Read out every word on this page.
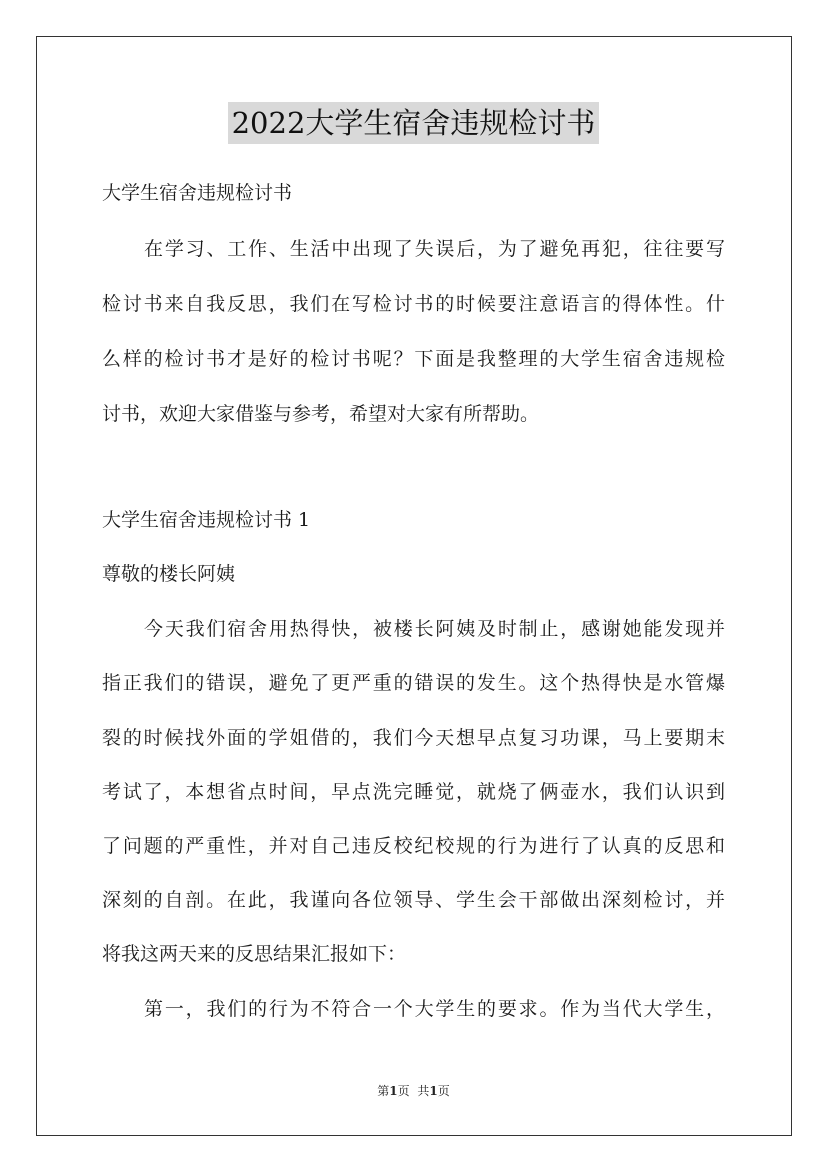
2022大学生宿舍违规检讨书
大学生宿舍违规检讨书
在学习、工作、生活中出现了失误后，为了避免再犯，往往要写
检讨书来自我反思，我们在写检讨书的时候要注意语言的得体性。什
么样的检讨书才是好的检讨书呢？下面是我整理的大学生宿舍违规检
讨书，欢迎大家借鉴与参考，希望对大家有所帮助。
大学生宿舍违规检讨书 1
尊敬的楼长阿姨
今天我们宿舍用热得快，被楼长阿姨及时制止，感谢她能发现并
指正我们的错误，避免了更严重的错误的发生。这个热得快是水管爆
裂的时候找外面的学姐借的，我们今天想早点复习功课，马上要期末
考试了，本想省点时间，早点洗完睡觉，就烧了俩壶水，我们认识到
了问题的严重性，并对自己违反校纪校规的行为进行了认真的反思和
深刻的自剖。在此，我谨向各位领导、学生会干部做出深刻检讨，并
将我这两天来的反思结果汇报如下：
第一，我们的行为不符合一个大学生的要求。作为当代大学生，
第1页 共1页
